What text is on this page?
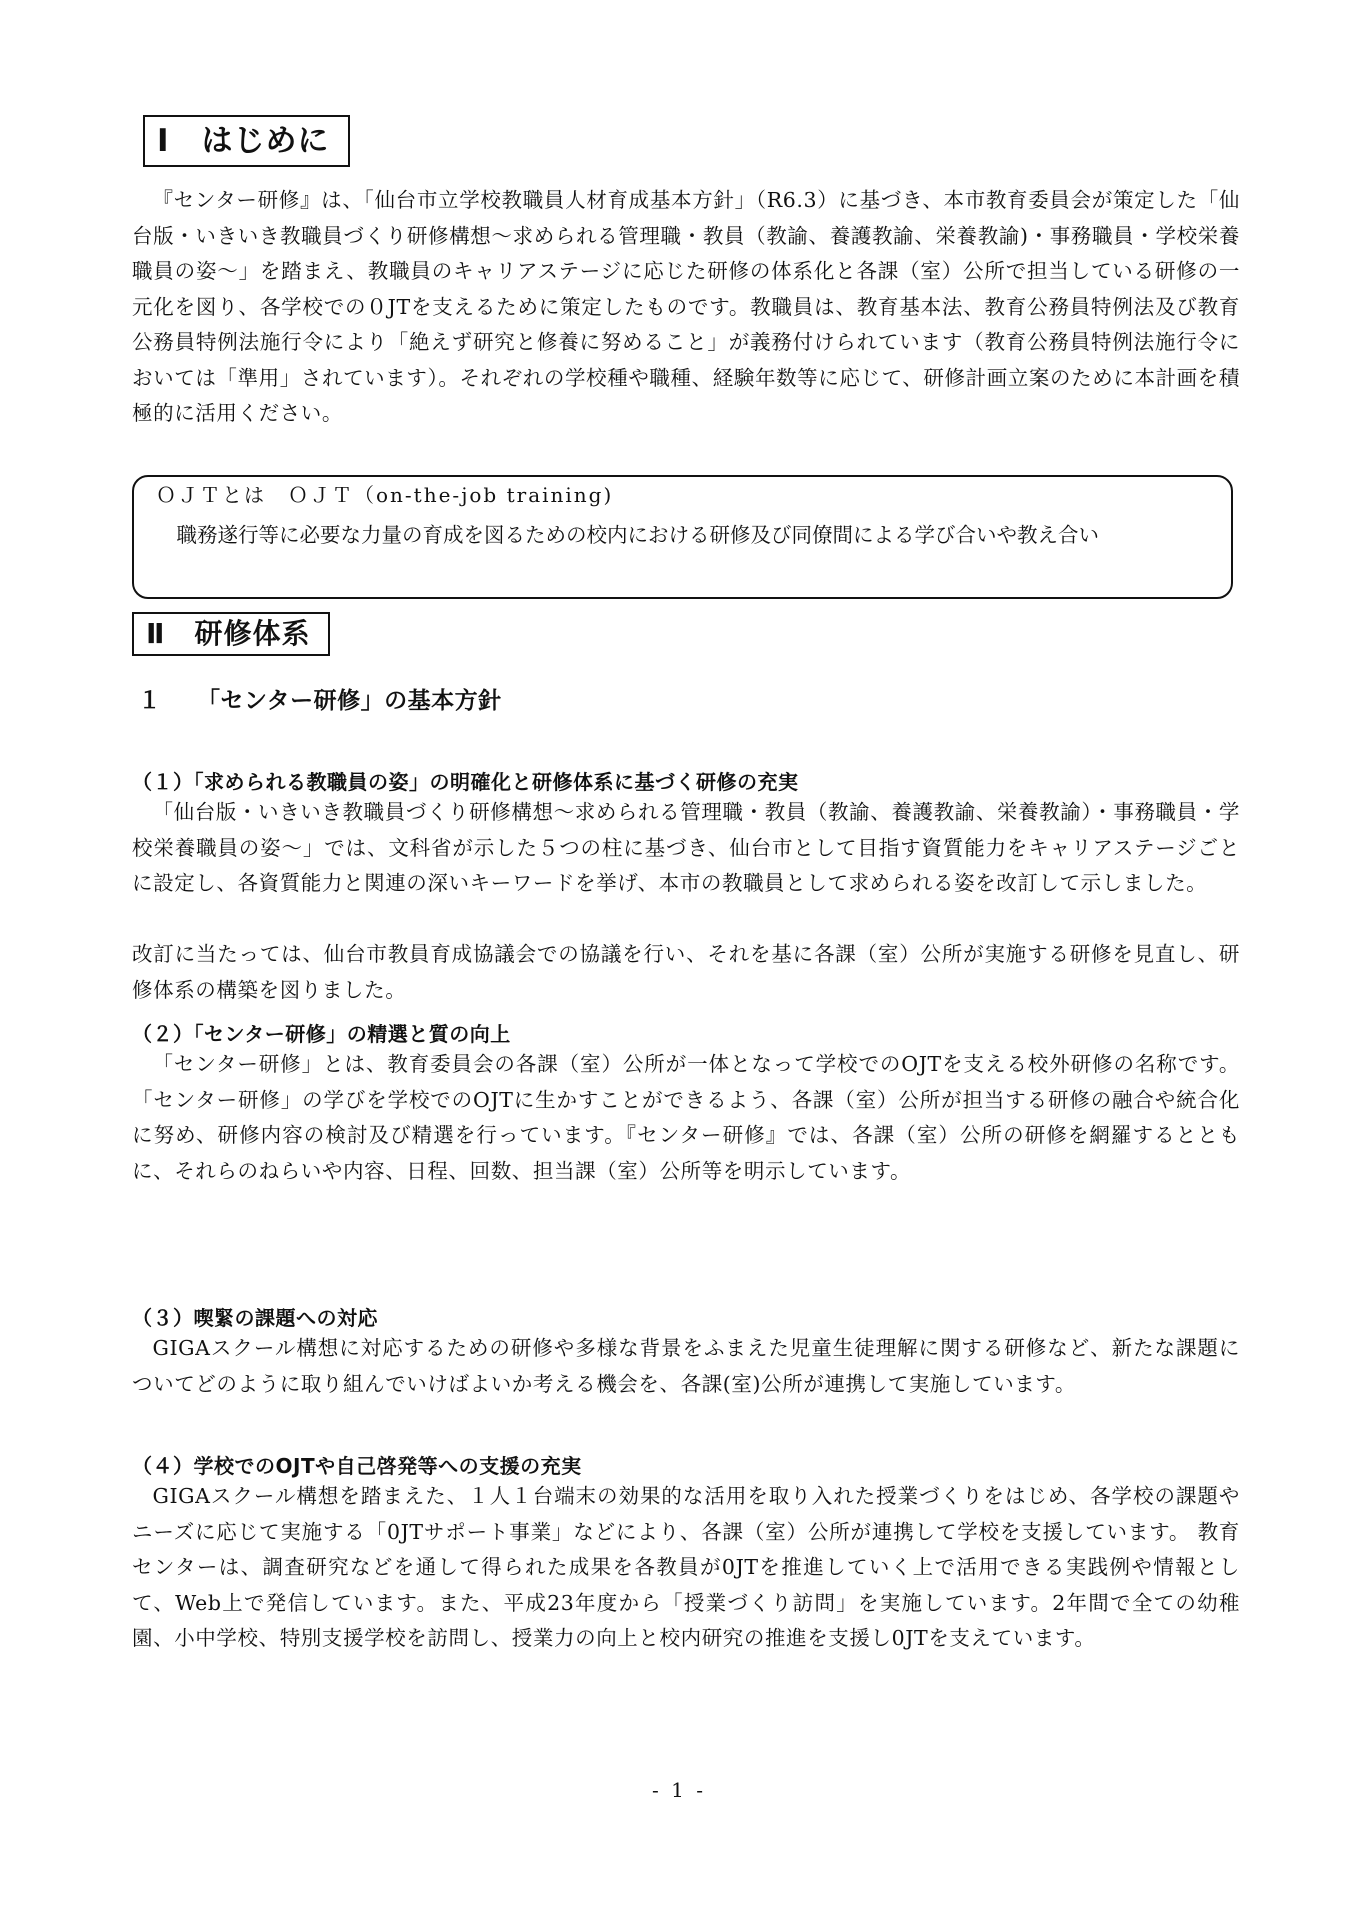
Ⅰ　はじめに

『センター研修』は、「仙台市立学校教職員人材育成基本方針」（R6.3）に基づき、本市教育委員会が策定した「仙台版・いきいき教職員づくり研修構想～求められる管理職・教員（教諭、養護教諭、栄養教諭)・事務職員・学校栄養職員の姿～」を踏まえ、教職員のキャリアステージに応じた研修の体系化と各課（室）公所で担当している研修の一元化を図り、各学校での０JTを支えるために策定したものです。教職員は、教育基本法、教育公務員特例法及び教育公務員特例法施行令により「絶えず研究と修養に努めること」が義務付けられています（教育公務員特例法施行令においては「準用」されています）。それぞれの学校種や職種、経験年数等に応じて、研修計画立案のために本計画を積極的に活用ください。

ＯＪＴとは　ＯＪＴ（on-the-job training)

　職務遂行等に必要な力量の育成を図るための校内における研修及び同僚間による学び合いや教え合い

Ⅱ　研修体系
１　　「センター研修」の基本方針
（１）「求められる教職員の姿」の明確化と研修体系に基づく研修の充実

「仙台版・いきいき教職員づくり研修構想～求められる管理職・教員（教諭、養護教諭、栄養教諭）・事務職員・学校栄養職員の姿～」では、文科省が示した５つの柱に基づき、仙台市として目指す資質能力をキャリアステージごとに設定し、各資質能力と関連の深いキーワードを挙げ、本市の教職員として求められる姿を改訂して示しました。

改訂に当たっては、仙台市教員育成協議会での協議を行い、それを基に各課（室）公所が実施する研修を見直し、研修体系の構築を図りました。

（２）「センター研修」の精選と質の向上

「センター研修」とは、教育委員会の各課（室）公所が一体となって学校でのOJTを支える校外研修の名称です。「センター研修」の学びを学校でのOJTに生かすことができるよう、各課（室）公所が担当する研修の融合や統合化に努め、研修内容の検討及び精選を行っています。『センター研修』では、各課（室）公所の研修を網羅するとともに、それらのねらいや内容、日程、回数、担当課（室）公所等を明示しています。

（３）喫緊の課題への対応

GIGAスクール構想に対応するための研修や多様な背景をふまえた児童生徒理解に関する研修など、新たな課題についてどのように取り組んでいけばよいか考える機会を、各課(室)公所が連携して実施しています。

（４）学校でのOJTや自己啓発等への支援の充実

GIGAスクール構想を踏まえた、１人１台端末の効果的な活用を取り入れた授業づくりをはじめ、各学校の課題やニーズに応じて実施する「0JTサポート事業」などにより、各課（室）公所が連携して学校を支援しています。 教育センターは、調査研究などを通して得られた成果を各教員が0JTを推進していく上で活用できる実践例や情報として、Web上で発信しています。また、平成23年度から「授業づくり訪問」を実施しています。2年間で全ての幼稚園、小中学校、特別支援学校を訪問し、授業力の向上と校内研究の推進を支援し0JTを支えています。

- 1 -
